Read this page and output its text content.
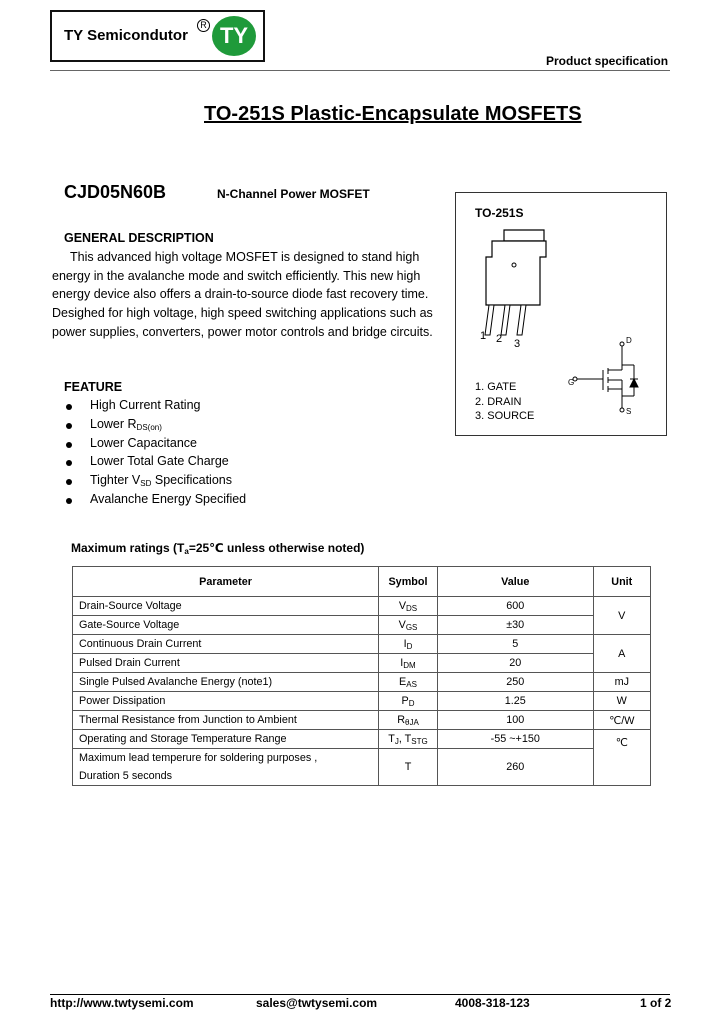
TY Semicondutor
R TY
Product specification
TO-251S Plastic-Encapsulate MOSFETS
CJD05N60B	N-Channel Power MOSFET
GENERAL DESCRIPTION

This advanced high voltage MOSFET is designed to stand high energy in the avalanche mode and switch efficiently. This new high energy device also offers a drain-to-source diode fast recovery time. Desighed for high voltage, high speed switching applications such as power supplies, converters, power motor controls and bridge circuits.

FEATURE
High Current Rating
Lower $R_{DS(on)}$
Lower Capacitance
Lower Total Gate Charge
Tighter $V_{SD}$ Specifications
Avalanche Energy Specified
TO-251S
1 2 3	D
G
S
1. GATE
2. DRAIN
3. SOURCE
Maximum ratings ($T_a=25℃$ unless otherwise noted)
Parameter	Symbol	Value	Unit
Drain-Source Voltage	$V_{DS}$	600	V
Gate-Source Voltage	$V_{GS}$	±30	
Continuous Drain Current	$I_D$	5	A
Pulsed Drain Current	$I_{DM}$	20	
Single Pulsed Avalanche Energy (note1)	$E_{AS}$	250	mJ
Power Dissipation	$P_D$	1.25	W
Thermal Resistance from Junction to Ambient	$R_{\theta JA}$	100	℃/W
Operating and Storage Temperature Range	$T_J$, $T_{STG}$	-55 ~+150	℃

Maximum lead temperure for soldering purposes ,
Duration 5 seconds	T	260	
http://www.twtysemi.com	sales@twtysemi.com	4008-318-123	1 of 2
